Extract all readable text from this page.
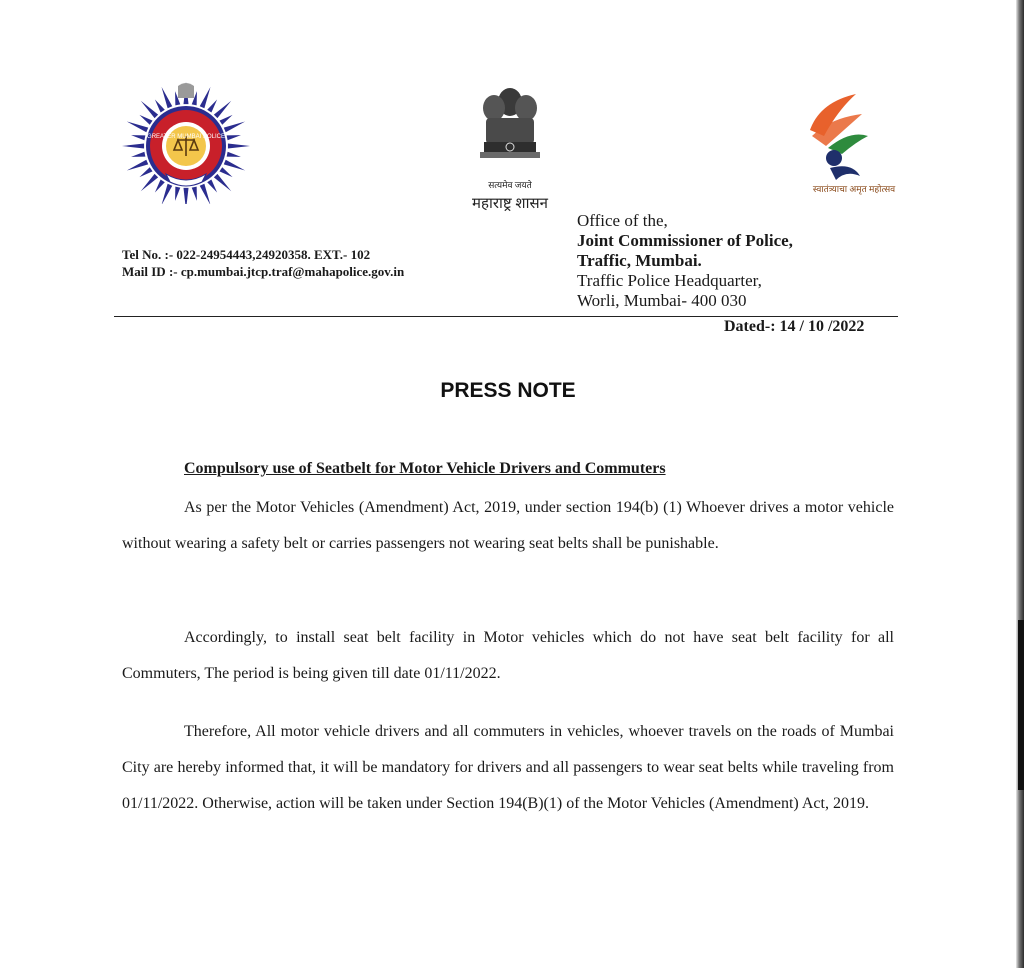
GREATER MUMBAI POLICE
सत्यमेव जयते
महाराष्ट्र शासन
स्वातंत्र्याचा अमृत महोत्सव
Tel No. :- 022-24954443,24920358. EXT.- 102
Mail ID :- cp.mumbai.jtcp.traf@mahapolice.gov.in
Office of the,
Joint Commissioner of Police,
Traffic, Mumbai.
Traffic Police Headquarter,
Worli, Mumbai- 400 030
Dated-: 14 / 10 /2022
PRESS NOTE
Compulsory use of Seatbelt for Motor Vehicle Drivers and Commuters

As per the Motor Vehicles (Amendment) Act, 2019, under section 194(b) (1) Whoever drives a motor vehicle without wearing a safety belt or carries passengers not wearing seat belts shall be punishable.

Accordingly, to install seat belt facility in Motor vehicles which do not have seat belt facility for all Commuters, The period is being given till date 01/11/2022.

Therefore, All motor vehicle drivers and all commuters in vehicles, whoever travels on the roads of Mumbai City are hereby informed that, it will be mandatory for drivers and all passengers to wear seat belts while traveling from 01/11/2022. Otherwise, action will be taken under Section 194(B)(1) of the Motor Vehicles (Amendment) Act, 2019.
